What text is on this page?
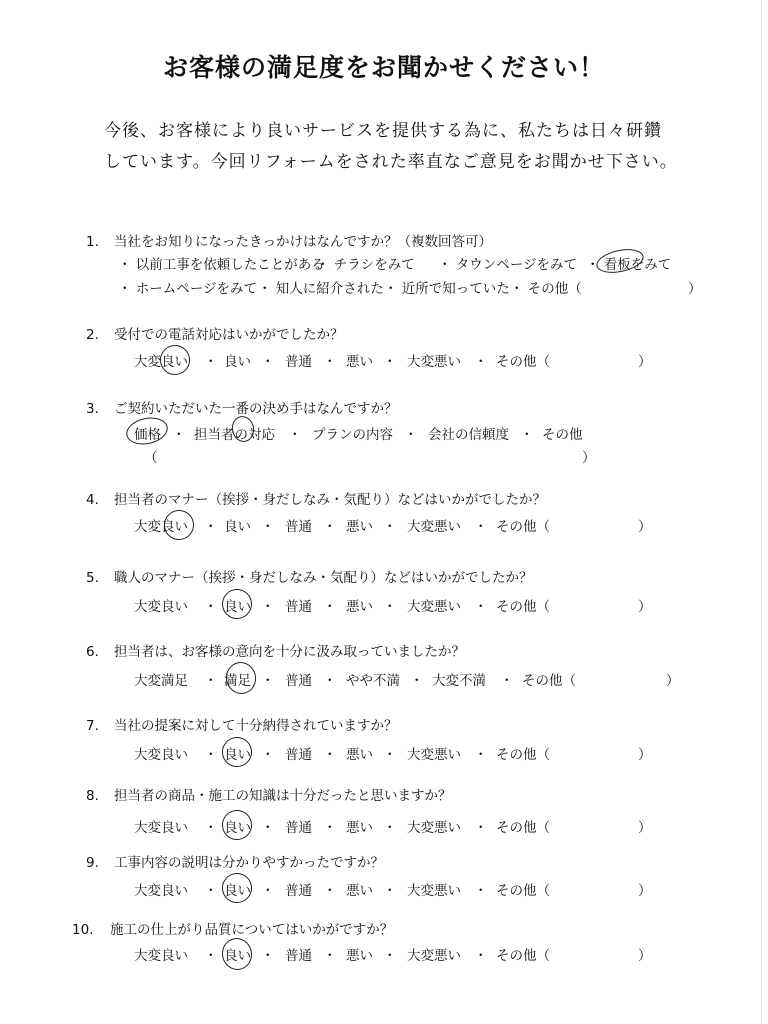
お客様の満足度をお聞かせください！
今後、お客様により良いサービスを提供する為に、私たちは日々研鑽
しています。今回リフォームをされた率直なご意見をお聞かせ下さい。
1. 当社をお知りになったきっかけはなんですか？（複数回答可）
・ 以前工事を依頼したことがある
・ チラシをみて ・ タウンページをみて ・ 看板をみて
・ ホームページをみて ・ 知人に紹介された ・ 近所で知っていた ・ その他（	）
2. 受付での電話対応はいかがでしたか？
大変良い ・ 良い ・ 普通 ・ 悪い ・ 大変悪い ・ その他（	）
3. ご契約いただいた一番の決め手はなんですか？
価格 ・ 担当者の対応 ・ プランの内容 ・ 会社の信頼度 ・ その他
（	）
4. 担当者のマナー（挨拶・身だしなみ・気配り）などはいかがでしたか？
大変良い ・ 良い ・ 普通 ・ 悪い ・ 大変悪い ・ その他（	）
5. 職人のマナー（挨拶・身だしなみ・気配り）などはいかがでしたか？
大変良い ・ 良い ・ 普通 ・ 悪い ・ 大変悪い ・ その他（	）
6. 担当者は、お客様の意向を十分に汲み取っていましたか？
大変満足 ・ 満足 ・ 普通 ・ やや不満 ・ 大変不満 ・ その他（	）
7. 当社の提案に対して十分納得されていますか？
大変良い ・ 良い ・ 普通 ・ 悪い ・ 大変悪い ・ その他（	）
8. 担当者の商品・施工の知識は十分だったと思いますか？
大変良い ・ 良い ・ 普通 ・ 悪い ・ 大変悪い ・ その他（	）
9. 工事内容の説明は分かりやすかったですか？
大変良い ・ 良い ・ 普通 ・ 悪い ・ 大変悪い ・ その他（	）
10. 施工の仕上がり品質についてはいかがですか？
大変良い ・ 良い ・ 普通 ・ 悪い ・ 大変悪い ・ その他（	）
